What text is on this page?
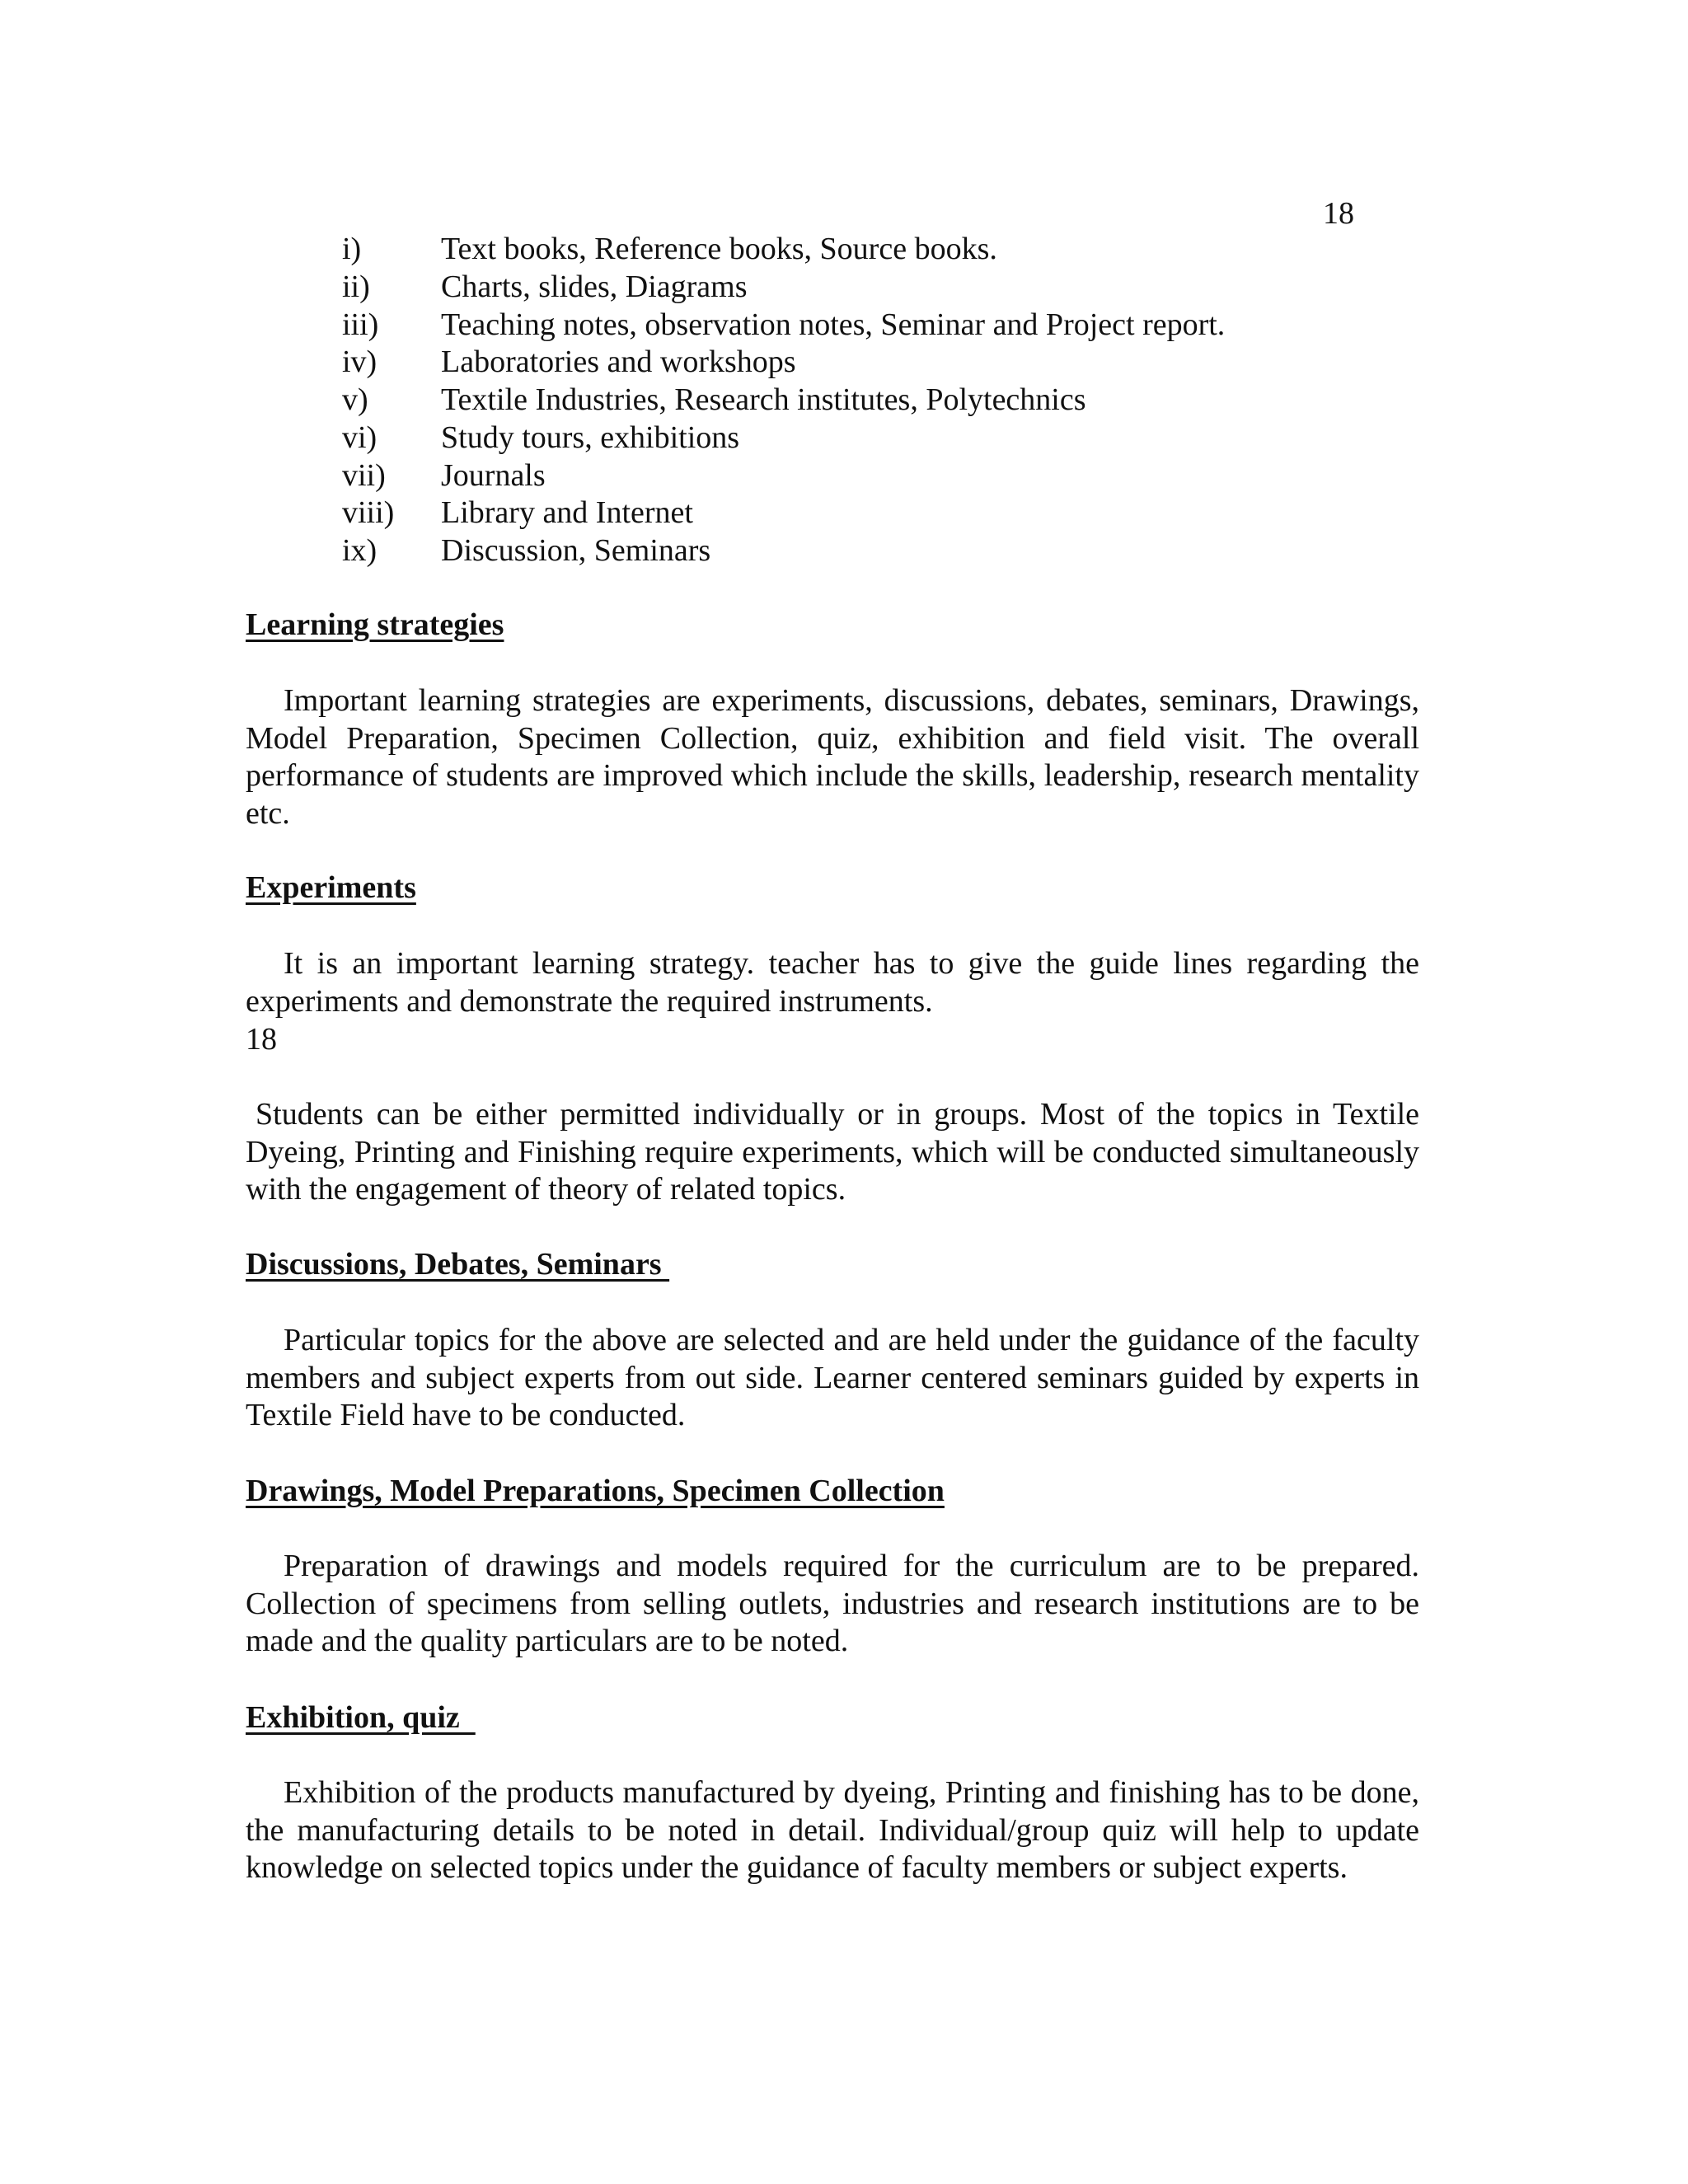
18
i)	Text books, Reference books, Source books.
ii)	Charts, slides, Diagrams
iii)	Teaching notes, observation notes, Seminar and Project report.
iv)	Laboratories and workshops
v)	Textile Industries, Research institutes, Polytechnics
vi)	Study tours, exhibitions
vii)	Journals
viii)	Library and Internet
ix)	Discussion, Seminars
Learning strategies

Important learning strategies are experiments, discussions, debates, seminars, Drawings, Model Preparation, Specimen Collection, quiz, exhibition and field visit. The overall performance of students are improved which include the skills, leadership, research mentality etc.

Experiments

It is an important learning strategy. teacher has to give the guide lines regarding the experiments and demonstrate the required instruments.

18

Students can be either permitted individually or in groups. Most of the topics in Textile Dyeing, Printing and Finishing require experiments, which will be conducted simultaneously with the engagement of theory of related topics.

Discussions, Debates, Seminars

Particular topics for the above are selected and are held under the guidance of the faculty members and subject experts from out side. Learner centered seminars guided by experts in Textile Field have to be conducted.

Drawings, Model Preparations, Specimen Collection

Preparation of drawings and models required for the curriculum are to be prepared. Collection of specimens from selling outlets, industries and research institutions are to be made and the quality particulars are to be noted.

Exhibition, quiz

Exhibition of the products manufactured by dyeing, Printing and finishing has to be done, the manufacturing details to be noted in detail. Individual/group quiz will help to update knowledge on selected topics under the guidance of faculty members or subject experts.
